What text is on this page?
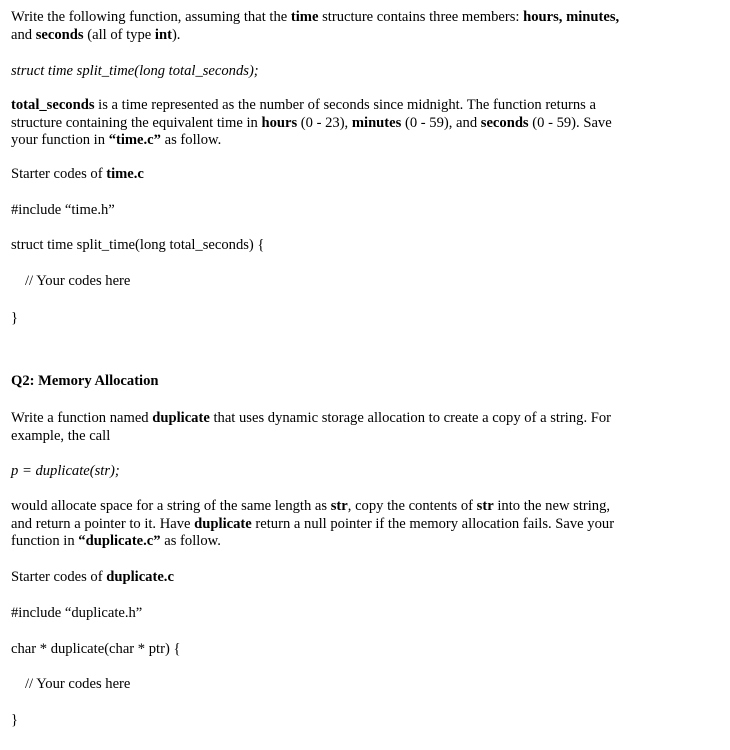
Write the following function, assuming that the time structure contains three members: hours, minutes, and seconds (all of type int).

struct time split_time(long total_seconds);

total_seconds is a time represented as the number of seconds since midnight. The function returns a structure containing the equivalent time in hours (0 - 23), minutes (0 - 59), and seconds (0 - 59). Save your function in “time.c” as follow.

Starter codes of time.c

#include “time.h”

struct time split_time(long total_seconds) {

// Your codes here

}

Q2: Memory Allocation

Write a function named duplicate that uses dynamic storage allocation to create a copy of a string. For example, the call

p = duplicate(str);

would allocate space for a string of the same length as str, copy the contents of str into the new string, and return a pointer to it. Have duplicate return a null pointer if the memory allocation fails. Save your function in “duplicate.c” as follow.

Starter codes of duplicate.c

#include “duplicate.h”

char * duplicate(char * ptr) {

// Your codes here

}
